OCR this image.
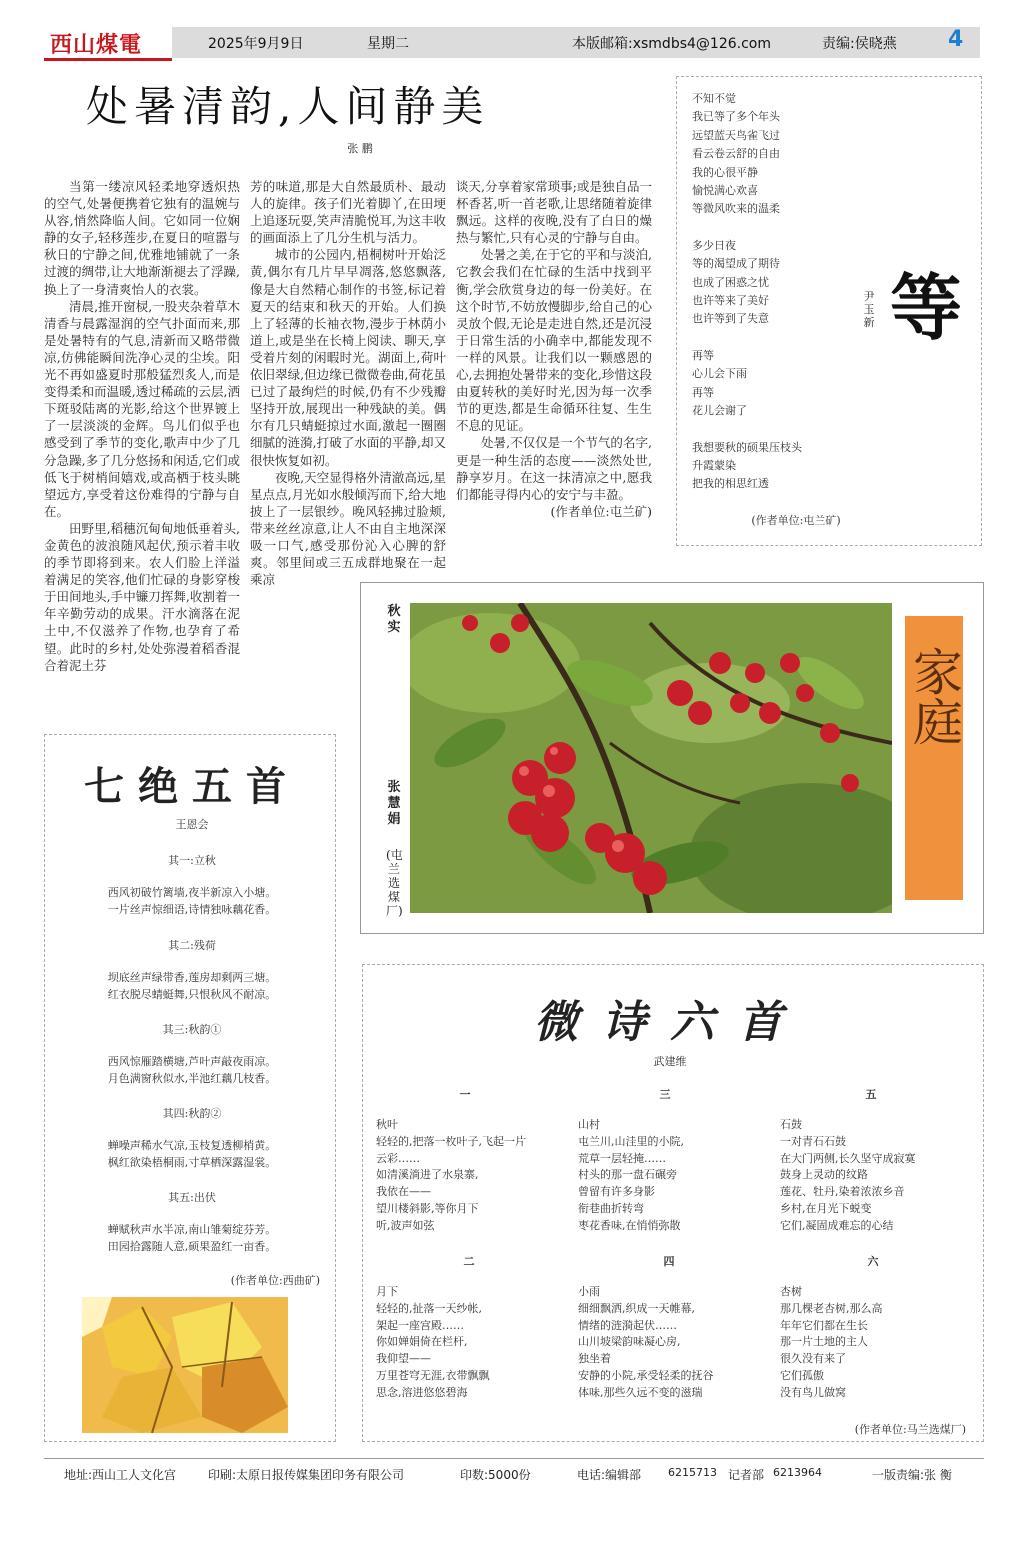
西山煤電	2025年9月9日	星期二	本版邮箱:xsmdbs4@126.com	责编:侯晓燕 4
处暑清韵,人间静美
张 鹏

当第一缕凉风轻柔地穿透炽热的空气,处暑便携着它独有的温婉与从容,悄然降临人间。它如同一位娴静的女子,轻移莲步,在夏日的喧嚣与秋日的宁静之间,优雅地铺就了一条过渡的绸带,让大地渐渐褪去了浮躁,换上了一身清爽怡人的衣裳。

清晨,推开窗棂,一股夹杂着草木清香与晨露湿润的空气扑面而来,那是处暑特有的气息,清新而又略带微凉,仿佛能瞬间洗净心灵的尘埃。阳光不再如盛夏时那般猛烈炙人,而是变得柔和而温暖,透过稀疏的云层,洒下斑驳陆离的光影,给这个世界镀上了一层淡淡的金辉。鸟儿们似乎也感受到了季节的变化,歌声中少了几分急躁,多了几分悠扬和闲适,它们或低飞于树梢间嬉戏,或高栖于枝头眺望远方,享受着这份难得的宁静与自在。

田野里,稻穗沉甸甸地低垂着头,金黄色的波浪随风起伏,预示着丰收的季节即将到来。农人们脸上洋溢着满足的笑容,他们忙碌的身影穿梭于田间地头,手中镰刀挥舞,收割着一年辛勤劳动的成果。汗水滴落在泥土中,不仅滋养了作物,也孕育了希望。此时的乡村,处处弥漫着稻香混合着泥土芬

芳的味道,那是大自然最质朴、最动人的旋律。孩子们光着脚丫,在田埂上追逐玩耍,笑声清脆悦耳,为这丰收的画面添上了几分生机与活力。

城市的公园内,梧桐树叶开始泛黄,偶尔有几片早早凋落,悠悠飘落,像是大自然精心制作的书签,标记着夏天的结束和秋天的开始。人们换上了轻薄的长袖衣物,漫步于林荫小道上,或是坐在长椅上阅读、聊天,享受着片刻的闲暇时光。湖面上,荷叶依旧翠绿,但边缘已微微卷曲,荷花虽已过了最绚烂的时候,仍有不少残瓣坚持开放,展现出一种残缺的美。偶尔有几只蜻蜓掠过水面,激起一圈圈细腻的涟漪,打破了水面的平静,却又很快恢复如初。

夜晚,天空显得格外清澈高远,星星点点,月光如水般倾泻而下,给大地披上了一层银纱。晚风轻拂过脸颊,带来丝丝凉意,让人不由自主地深深吸一口气,感受那份沁入心脾的舒爽。邻里间或三五成群地聚在一起乘凉

谈天,分享着家常琐事;或是独自品一杯香茗,听一首老歌,让思绪随着旋律飘远。这样的夜晚,没有了白日的燥热与繁忙,只有心灵的宁静与自由。

处暑之美,在于它的平和与淡泊,它教会我们在忙碌的生活中找到平衡,学会欣赏身边的每一份美好。在这个时节,不妨放慢脚步,给自己的心灵放个假,无论是走进自然,还是沉浸于日常生活的小确幸中,都能发现不一样的风景。让我们以一颗感恩的心,去拥抱处暑带来的变化,珍惜这段由夏转秋的美好时光,因为每一次季节的更迭,都是生命循环往复、生生不息的见证。

处暑,不仅仅是一个节气的名字,更是一种生活的态度——淡然处世,静享岁月。在这一抹清凉之中,愿我们都能寻得内心的安宁与丰盈。

(作者单位:屯兰矿)
不知不觉
我已等了多个年头
远望蓝天鸟雀飞过
看云卷云舒的自由
我的心很平静
愉悦满心欢喜
等微风吹来的温柔
多少日夜
等的渴望成了期待
也成了困惑之忧
也许等来了美好
也许等到了失意
再等
心儿会下雨
再等
花儿会谢了
我想要秋的硕果压枝头
升霞蒙染
把我的相思红透
(作者单位:屯兰矿)
尹玉新 等
秋实
张慧娟
(屯兰选煤厂)
家庭
七绝五首
王恩会
其一:立秋
西风初破竹篱墙,夜半新凉入小塘。
一片丝声惊细语,诗情独咏藕花香。
其二:残荷
坝底丝声绿带香,莲房却剩两三塘。
红衣脱尽蜻蜓舞,只恨秋风不耐凉。
其三:秋韵①
西风惊雁踏横塘,芦叶声敲夜雨凉。
月色满窗秋似水,半池红藕几枝香。
其四:秋韵②
蝉噪声稀水气凉,玉枝复透柳梢黄。
枫红欲染梧桐雨,寸草栖深露湿裳。
其五:出伏
蝉赋秋声水半凉,南山雏菊绽芬芳。
田园拾露随人意,硕果盈红一亩香。
(作者单位:西曲矿)
微诗六首
武建维
一	三	五
秋叶
轻轻的,把落一枚叶子,飞起一片
云彩……
如清溪淌进了水泉寨,
我依在——
望川楼斜影,等你月下
听,波声如弦
山村
屯兰川,山洼里的小院,
荒草一层轻掩……
村头的那一盘石碾旁
曾留有许多身影
衔巷曲折转弯
枣花香味,在悄悄弥散
石鼓
一对青石石鼓
在大门两侧,长久坚守成寂寞
鼓身上灵动的纹路
莲花、牡丹,染着浓浓乡音
乡村,在月光下蜕变
它们,凝固成难忘的心结
二	四	六
月下
轻轻的,扯落一天纱帐,
架起一座宫殿……
你如婵娟倚在栏杆,
我仰望——
万里苍穹无涯,衣带飘飘
思念,溶进悠悠碧海
小雨
细细飘洒,织成一天帷幕,
情绪的涟漪起伏……
山川坡梁韵味凝心房,
独坐着
安静的小院,承受轻柔的抚谷
体味,那些久远不变的滋瑞
杏树
那几棵老杏树,那么高
年年它们都在生长
那一片土地的主人
很久没有来了
它们孤傲
没有鸟儿做窝
(作者单位:马兰选煤厂)
地址:西山工人文化宫	印刷:太原日报传媒集团印务有限公司	印数:5000份	电话:编辑部 6215713 记者部 6213964	一版责编:张 衡
